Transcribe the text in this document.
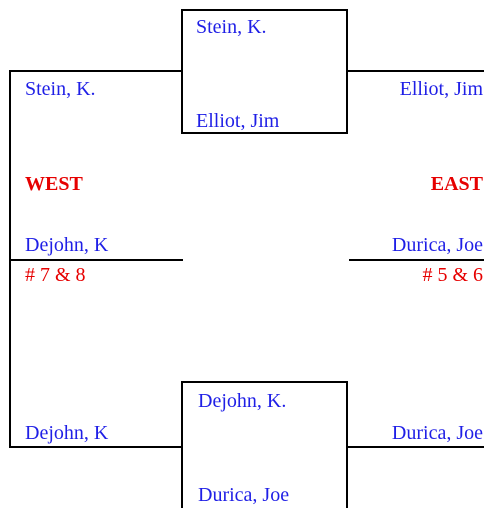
Stein, K.
Elliot, Jim
Dejohn, K.
Durica, Joe
Stein, K.
WEST
Dejohn, K
# 7 & 8
Dejohn, K
Elliot, Jim
EAST
Durica, Joe
# 5 & 6
Durica, Joe
